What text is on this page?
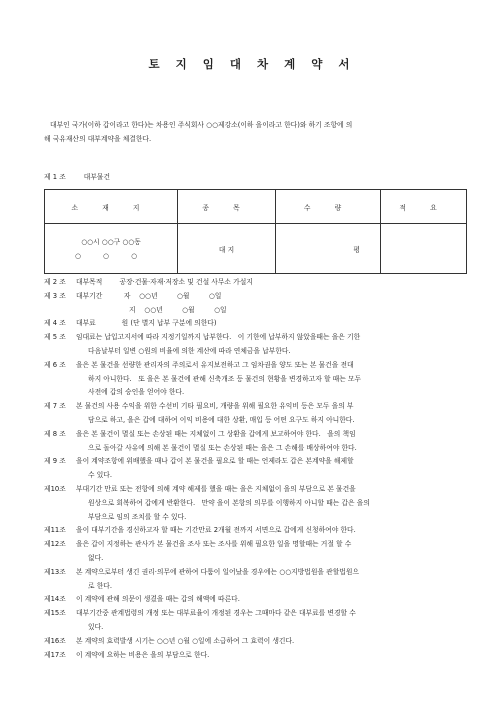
토 지 임 대 차 계 약 서

대부인 국가(이하 갑이라고 한다)는 차용인 주식회사 ○○제강소(이하 을이라고 한다)와 하기 조항에 의

해 국유재산의 대부계약을 체결한다.

제 1 조	대부물건
소 재 지	종 목	수 량	적 요

○○시 ○○구 ○○동
○ ○ ○	대 지	평	
제 2 조 대부목적        공장·건물·자재·저장소 및 건설 사무소 가설지

제 3 조 대부기간          자    ○○년         ○월         ○일

지    ○○년         ○월         ○일

제 4 조 대부료            원 (단 별지 납부 구분에 의한다)

제 5 조 임대료는 납입고지서에 따라 지정기일까지 납부한다.   이 기한에 납부하지 않았을때는 을은 기한

다음날부터 일변 ○원의 비율에 의한 계산에 따라 연체금을 납부한다.

제 6 조 을은 본 물건을 선량한 관리자의 주의로서 유지보전하고 그 임차권을 양도 또는 본 물건을 전대

하지 아니한다.   또 을은 본 물건에 관해 신축개조 등 물건의 현황을 변경하고자 할 때는 모두

사전에 갑의 승인을 얻어야 한다.

제 7 조 본 물건의 사용 수익을 위한 수선비 기타 필요비, 개량을 위해 필요한 유익비 등은 모두 을의 부

담으로 하고, 을은 갑에 대하여 이익 비용에 대한 상환, 매입 등 어떤 요구도 하지 아니한다.

제 8 조 을은 본 물건이 멸실 또는 손상된 때는 지체없이 그 상환을 갑에게 보고하여야 한다.   을의 책임

으로 돌아갈 사유에 의해 본 물건이 멸실 또는 손상된 때는 을은 그 손해를 배상하여야 한다.

제 9 조 을이 계약조항에 위배했을 때나 갑이 본 물건을 필요로 할 때는 언제라도 갑은 본계약을 해제할

수 있다.

제10조 부대기간 만료 또는 전항에 의해 계약 해제를 했을 때는 을은 지체없이 을의 부담으로 본 물건을

원상으로 회복하여 갑에게 반환한다.   만약 을이 본항의 의무를 이행하지 아니할 때는 갑은 을의

부담으로 임의 조치를 할 수 있다.

제11조 을이 대부기간을 경신하고자 할 때는 기간만료 2개월 전까지 서면으로 갑에게 신청하여야 한다.

제12조 을은 갑이 지정하는 관사가 본 물건을 조사 또는 조사를 위해 필요한 일을 명할때는 거절 할 수

없다.

제13조 본 계약으로부터 생긴 권리·의무에 관하여 다툼이 일어났을 경우에는 ○○지방법원을 관할법원으

로 한다.

제14조 이 계약에 관해 의문이 생겼을 때는 갑의 해액에 따른다.

제15조 대부기간중 관계법령의 개정 또는 대부료율이 개정된 경우는 그때마다 같은 대부료를 변경할 수

있다.

제16조 본 계약의 효력발생 시기는 ○○년 ○월 ○일에 소급하여 그 효력이 생긴다.

제17조 이 계약에 요하는 비용은 을의 부담으로 한다.
